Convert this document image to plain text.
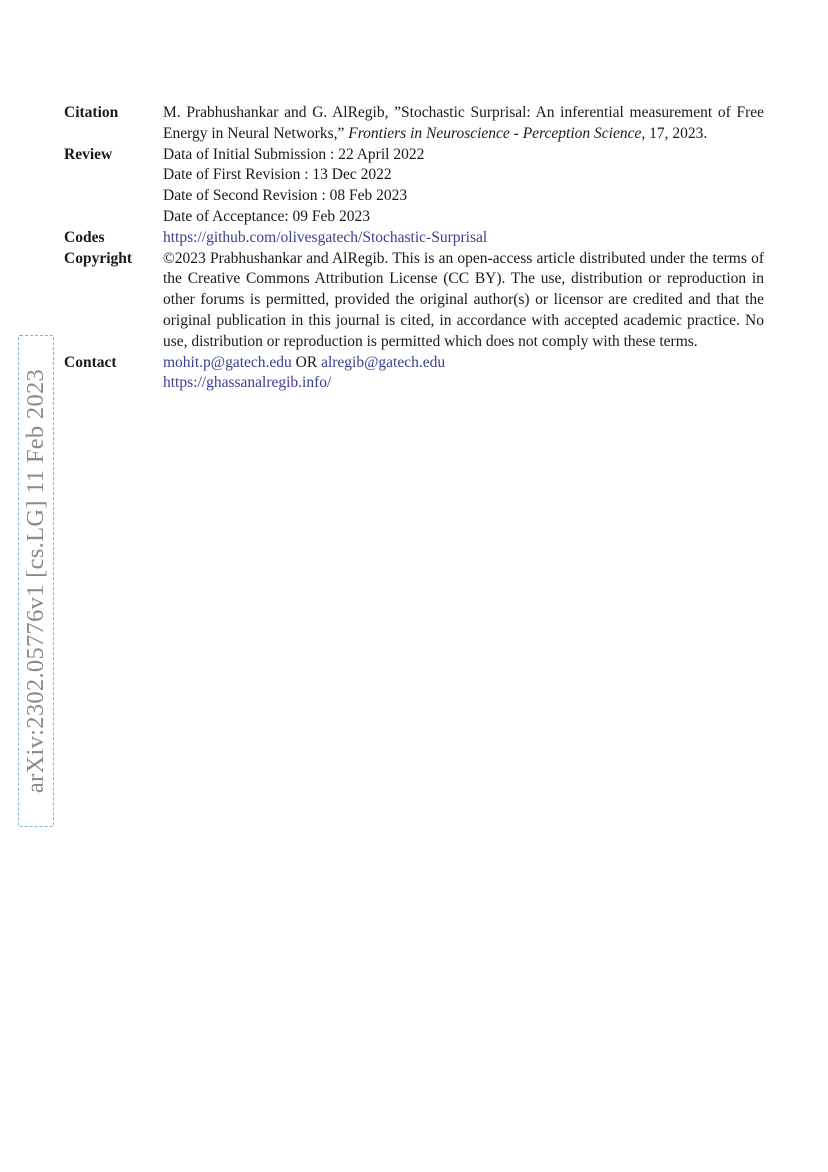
arXiv:2302.05776v1 [cs.LG] 11 Feb 2023
Citation	M. Prabhushankar and G. AlRegib, ”Stochastic Surprisal: An inferential measurement of Free Energy in Neural Networks,” Frontiers in Neuroscience - Perception Science, 17, 2023.
Review	Data of Initial Submission : 22 April 2022
Date of First Revision : 13 Dec 2022
Date of Second Revision : 08 Feb 2023
Date of Acceptance: 09 Feb 2023
Codes	https://github.com/olivesgatech/Stochastic-Surprisal
Copyright	©2023 Prabhushankar and AlRegib. This is an open-access article distributed under the terms of the Creative Commons Attribution License (CC BY). The use, distribution or reproduction in other forums is permitted, provided the original author(s) or licensor are credited and that the original publication in this journal is cited, in accordance with accepted academic practice. No use, distribution or reproduction is permitted which does not comply with these terms.
Contact	mohit.p@gatech.edu OR alregib@gatech.edu
https://ghassanalregib.info/
